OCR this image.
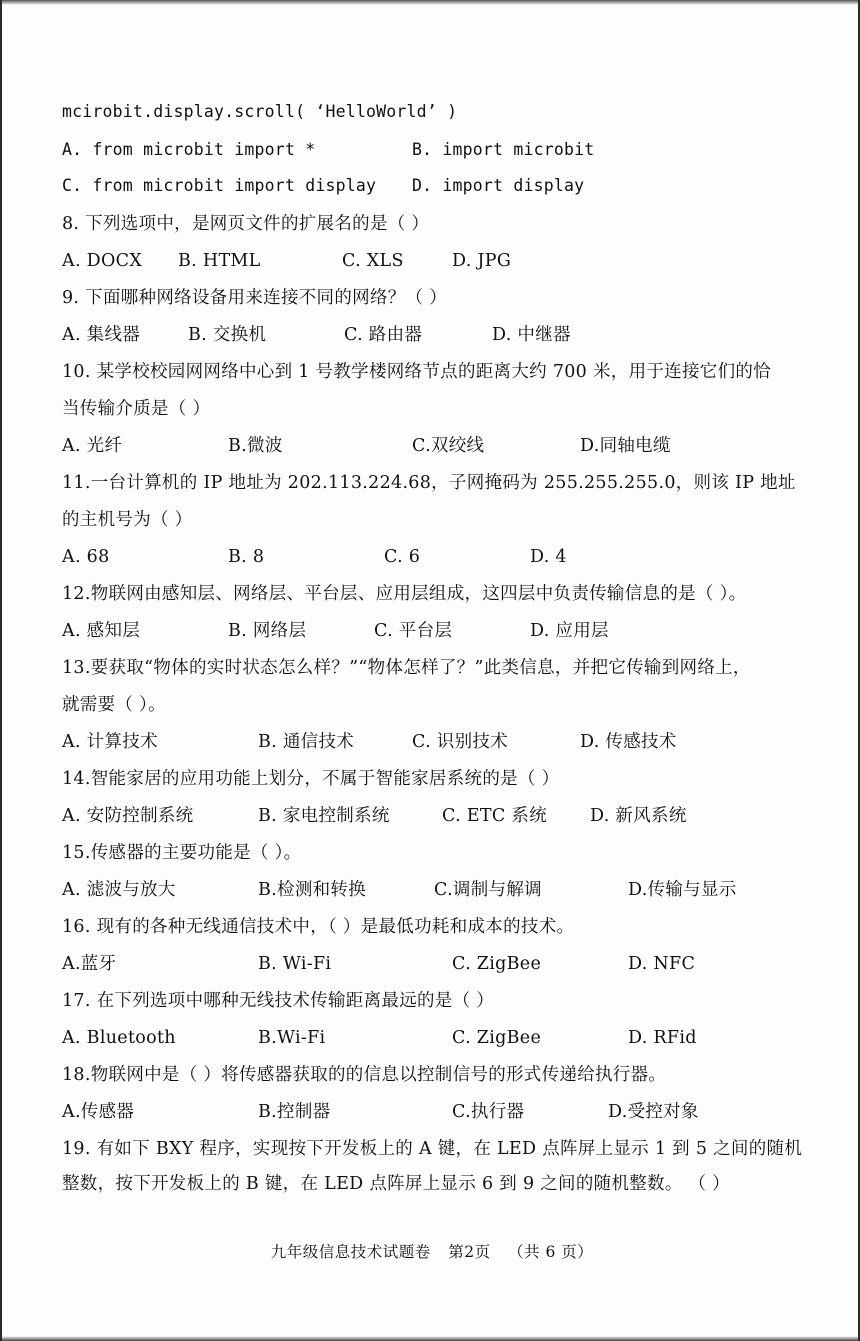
mcirobit.display.scroll( ‘HelloWorld’ )
A. from microbit import *	B. import microbit
C. from microbit import display D. import display
8. 下列选项中，是网页文件的扩展名的是（ ）
A. DOCX B. HTML	C. XLS	D. JPG
9. 下面哪种网络设备用来连接不同的网络？（ ）
A. 集线器	B. 交换机	C. 路由器	D. 中继器
10. 某学校校园网网络中心到 1 号教学楼网络节点的距离大约 700 米，用于连接它们的恰
当传输介质是（ ）
A. 光纤	B.微波	C.双绞线	D.同轴电缆
11.一台计算机的 IP 地址为 202.113.224.68，子网掩码为 255.255.255.0，则该 IP 地址
的主机号为（ ）
A. 68	B. 8	C. 6	D. 4
12.物联网由感知层、网络层、平台层、应用层组成，这四层中负责传输信息的是（ ）。
A. 感知层	B. 网络层	C. 平台层	D. 应用层
13.要获取“物体的实时状态怎么样？”“物体怎样了？”此类信息，并把它传输到网络上，
就需要（ ）。
A. 计算技术	B. 通信技术	C. 识别技术	D. 传感技术
14.智能家居的应用功能上划分，不属于智能家居系统的是（ ）
A. 安防控制系统	B. 家电控制系统	C. ETC 系统 D. 新风系统
15.传感器的主要功能是（ ）。
A. 滤波与放大	B.检测和转换	C.调制与解调	D.传输与显示
16. 现有的各种无线通信技术中，（ ）是最低功耗和成本的技术。
A.蓝牙	B. Wi-Fi	C. ZigBee	D. NFC
17. 在下列选项中哪种无线技术传输距离最远的是（ ）
A. Bluetooth	B.Wi-Fi	C. ZigBee	D. RFid
18.物联网中是（ ）将传感器获取的的信息以控制信号的形式传递给执行器。
A.传感器	B.控制器	C.执行器	D.受控对象
19. 有如下 BXY 程序，实现按下开发板上的 A 键，在 LED 点阵屏上显示 1 到 5 之间的随机
整数，按下开发板上的 B 键，在 LED 点阵屏上显示 6 到 9 之间的随机整数。 （ ）
九年级信息技术试题卷 第2页 （共 6 页）
